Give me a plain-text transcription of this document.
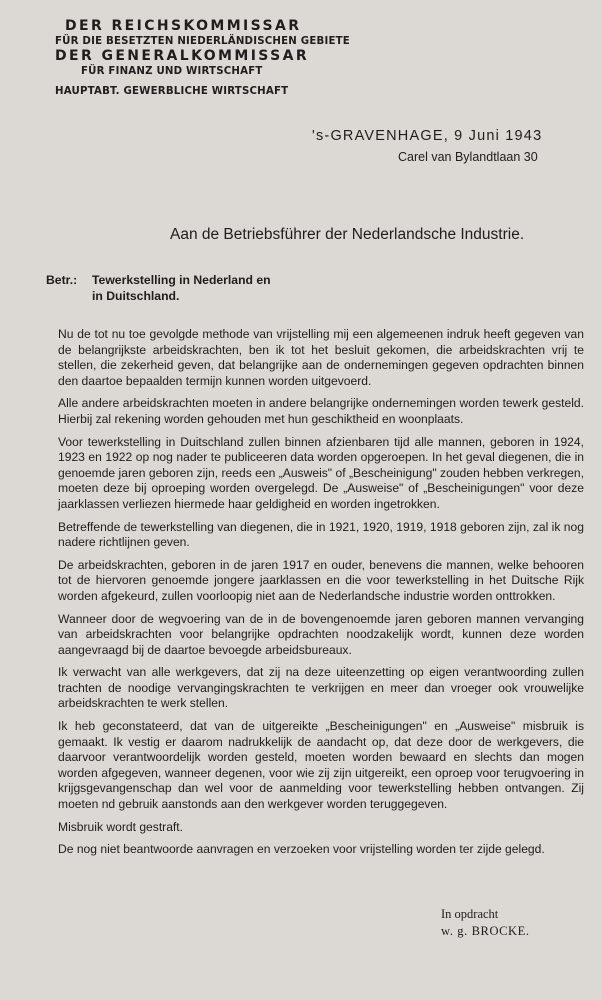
DER REICHSKOMMISSAR

FÜR DIE BESETZTEN NIEDERLÄNDISCHEN GEBIETE

DER GENERALKOMMISSAR

FÜR FINANZ UND WIRTSCHAFT

HAUPTABT. GEWERBLICHE WIRTSCHAFT

's-GRAVENHAGE, 9 Juni 1943
Carel van Bylandtlaan 30
Aan de Betriebsführer der Nederlandsche Industrie.
Betr.: Tewerkstelling in Nederland en
in Duitschland.

Nu de tot nu toe gevolgde methode van vrijstelling mij een algemeenen indruk heeft gegeven van de belangrijkste arbeidskrachten, ben ik tot het besluit gekomen, die arbeidskrachten vrij te stellen, die zekerheid geven, dat belangrijke aan de ondernemingen gegeven opdrachten binnen den daartoe bepaalden termijn kunnen worden uitgevoerd.

Alle andere arbeidskrachten moeten in andere belangrijke ondernemingen worden tewerk gesteld. Hierbij zal rekening worden gehouden met hun geschiktheid en woonplaats.

Voor tewerkstelling in Duitschland zullen binnen afzienbaren tijd alle mannen, geboren in 1924, 1923 en 1922 op nog nader te publiceeren data worden opgeroepen. In het geval diegenen, die in genoemde jaren geboren zijn, reeds een „Ausweis" of „Bescheinigung" zouden hebben verkregen, moeten deze bij oproeping worden overgelegd. De „Ausweise" of „Bescheinigungen" voor deze jaarklassen verliezen hiermede haar geldigheid en worden ingetrokken.

Betreffende de tewerkstelling van diegenen, die in 1921, 1920, 1919, 1918 geboren zijn, zal ik nog nadere richtlijnen geven.

De arbeidskrachten, geboren in de jaren 1917 en ouder, benevens die mannen, welke behooren tot de hiervoren genoemde jongere jaarklassen en die voor tewerkstelling in het Duitsche Rijk worden afgekeurd, zullen voorloopig niet aan de Nederlandsche industrie worden onttrokken.

Wanneer door de wegvoering van de in de bovengenoemde jaren geboren mannen vervanging van arbeidskrachten voor belangrijke opdrachten noodzakelijk wordt, kunnen deze worden aangevraagd bij de daartoe bevoegde arbeidsbureaux.

Ik verwacht van alle werkgevers, dat zij na deze uiteenzetting op eigen verantwoording zullen trachten de noodige vervangingskrachten te verkrijgen en meer dan vroeger ook vrouwelijke arbeidskrachten te werk stellen.

Ik heb geconstateerd, dat van de uitgereikte „Bescheinigungen" en „Ausweise" misbruik is gemaakt. Ik vestig er daarom nadrukkelijk de aandacht op, dat deze door de werkgevers, die daarvoor verantwoordelijk worden gesteld, moeten worden bewaard en slechts dan mogen worden afgegeven, wanneer degenen, voor wie zij zijn uitgereikt, een oproep voor terugvoering in krijgsgevangenschap dan wel voor de aanmelding voor tewerkstelling hebben ontvangen. Zij moeten nd gebruik aanstonds aan den werkgever worden teruggegeven.

Misbruik wordt gestraft.

De nog niet beantwoorde aanvragen en verzoeken voor vrijstelling worden ter zijde gelegd.

In opdracht
w. g. BROCKE.
